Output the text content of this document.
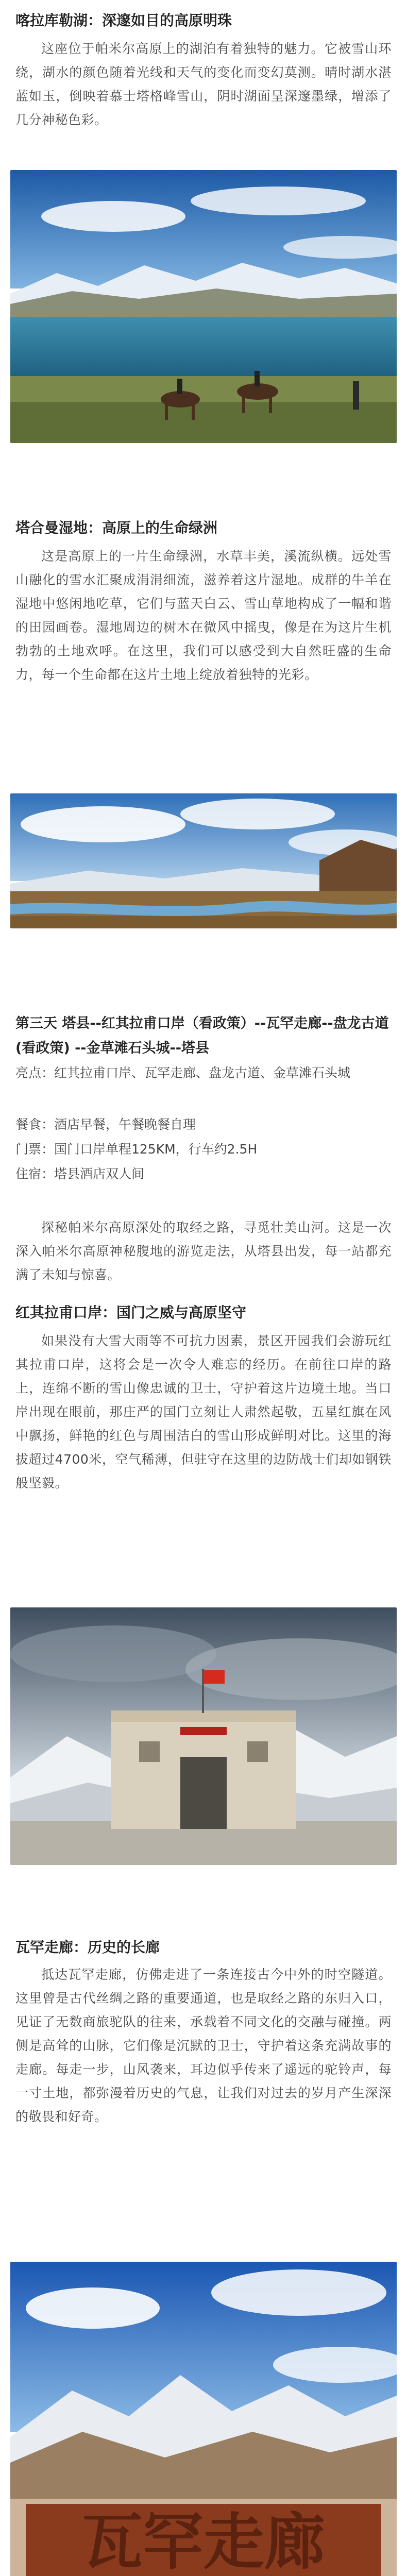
喀拉库勒湖：深邃如目的高原明珠
这座位于帕米尔高原上的湖泊有着独特的魅力。它被雪山环绕，湖水的颜色随着光线和天气的变化而变幻莫测。晴时湖水湛蓝如玉，倒映着慕士塔格峰雪山，阴时湖面呈深邃墨绿，增添了几分神秘色彩。
塔合曼湿地：高原上的生命绿洲
这是高原上的一片生命绿洲，水草丰美，溪流纵横。远处雪山融化的雪水汇聚成涓涓细流，滋养着这片湿地。成群的牛羊在湿地中悠闲地吃草，它们与蓝天白云、雪山草地构成了一幅和谐的田园画卷。湿地周边的树木在微风中摇曳，像是在为这片生机勃勃的土地欢呼。在这里，我们可以感受到大自然旺盛的生命力，每一个生命都在这片土地上绽放着独特的光彩。
第三天 塔县--红其拉甫口岸（看政策）--瓦罕走廊--盘龙古道(看政策) --金草滩石头城--塔县
亮点：红其拉甫口岸、瓦罕走廊、盘龙古道、金草滩石头城
餐食：酒店早餐，午餐晚餐自理
门票：国门口岸单程125KM，行车约2.5H
住宿：塔县酒店双人间
探秘帕米尔高原深处的取经之路，寻觅壮美山河。这是一次深入帕米尔高原神秘腹地的游览走法，从塔县出发，每一站都充满了未知与惊喜。
红其拉甫口岸：国门之威与高原坚守
如果没有大雪大雨等不可抗力因素，景区开园我们会游玩红其拉甫口岸，这将会是一次令人难忘的经历。在前往口岸的路上，连绵不断的雪山像忠诚的卫士，守护着这片边境土地。当口岸出现在眼前，那庄严的国门立刻让人肃然起敬，五星红旗在风中飘扬，鲜艳的红色与周围洁白的雪山形成鲜明对比。这里的海拔超过4700米，空气稀薄，但驻守在这里的边防战士们却如钢铁般坚毅。
瓦罕走廊：历史的长廊
抵达瓦罕走廊，仿佛走进了一条连接古今中外的时空隧道。这里曾是古代丝绸之路的重要通道，也是取经之路的东归入口，见证了无数商旅驼队的往来，承载着不同文化的交融与碰撞。两侧是高耸的山脉，它们像是沉默的卫士，守护着这条充满故事的走廊。每走一步，山风袭来，耳边似乎传来了遥远的驼铃声，每一寸土地，都弥漫着历史的气息，让我们对过去的岁月产生深深的敬畏和好奇。
瓦罕走廊
